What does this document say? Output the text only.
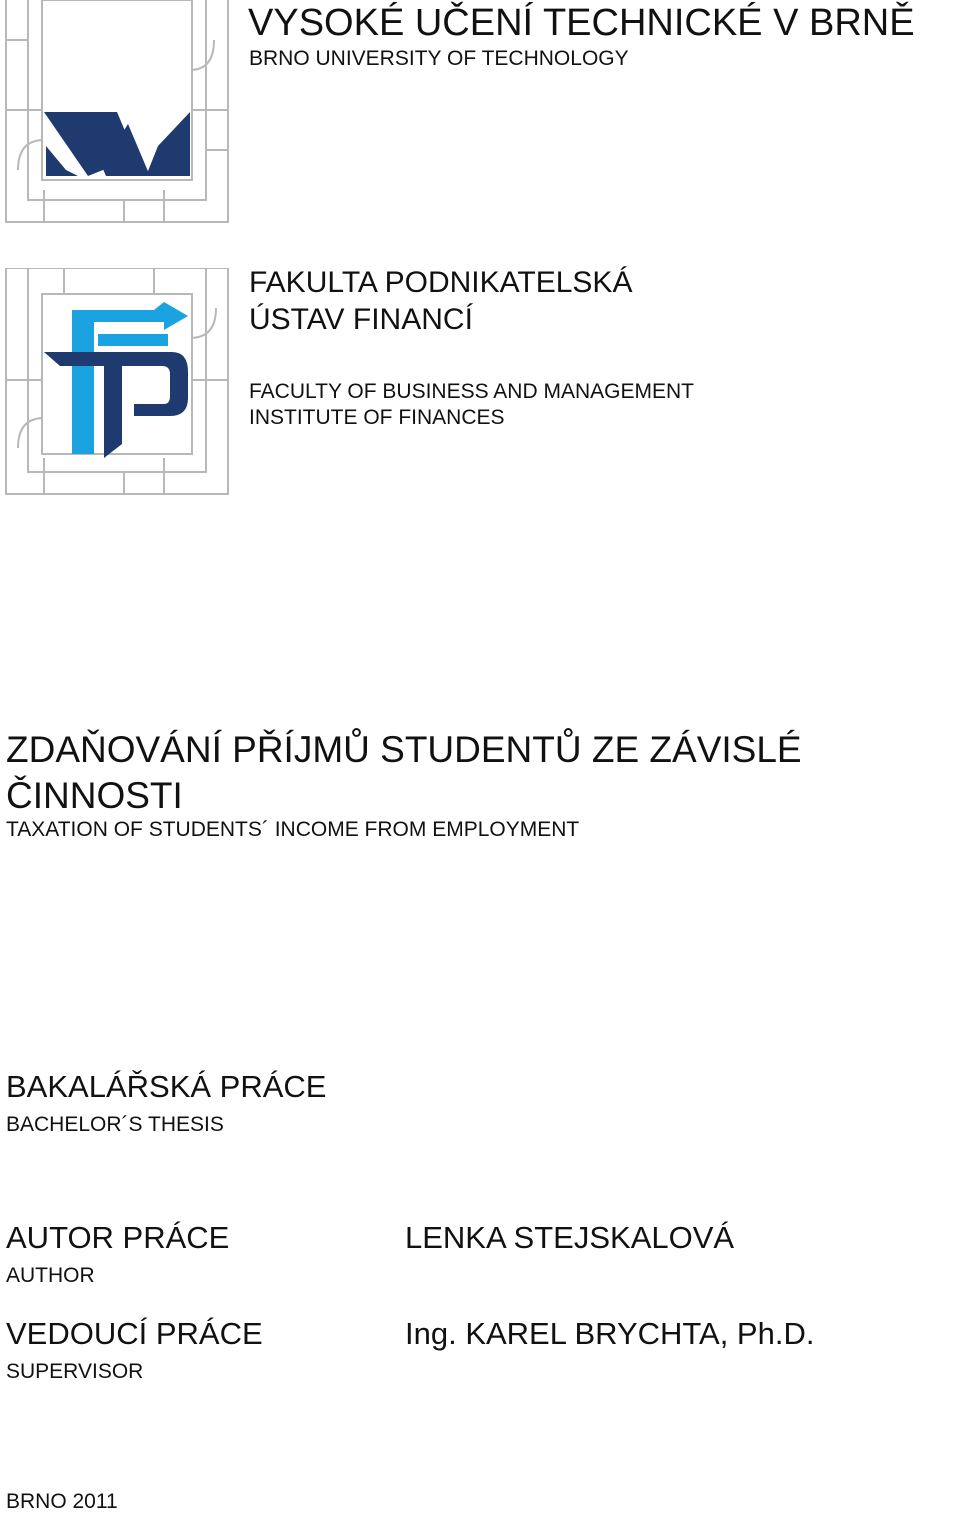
VYSOKÉ UČENÍ TECHNICKÉ V BRNĚ
BRNO UNIVERSITY OF TECHNOLOGY
FAKULTA PODNIKATELSKÁ
ÚSTAV FINANCÍ
FACULTY OF BUSINESS AND MANAGEMENT
INSTITUTE OF FINANCES
ZDAŇOVÁNÍ PŘÍJMŮ STUDENTŮ ZE ZÁVISLÉ ČINNOSTI
TAXATION OF STUDENTS´ INCOME FROM EMPLOYMENT
BAKALÁŘSKÁ PRÁCE
BACHELOR´S THESIS
AUTOR PRÁCE
AUTHOR
LENKA STEJSKALOVÁ
VEDOUCÍ PRÁCE
SUPERVISOR
Ing. KAREL BRYCHTA, Ph.D.
BRNO 2011
